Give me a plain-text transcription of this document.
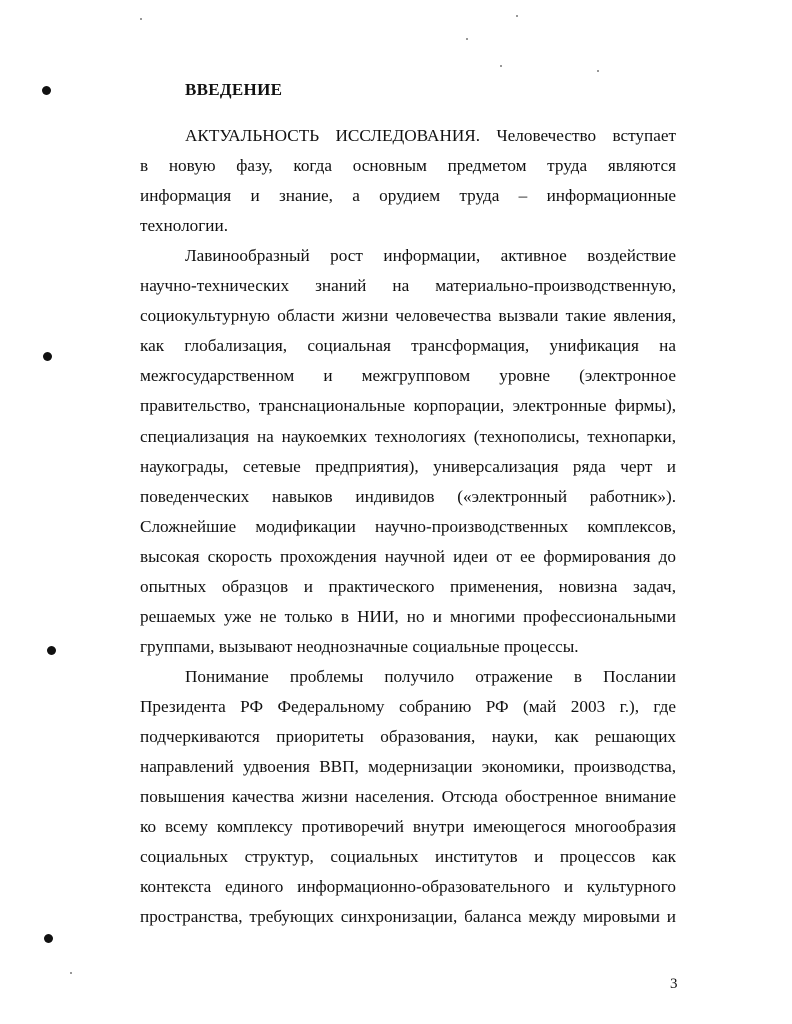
ВВЕДЕНИЕ
АКТУАЛЬНОСТЬ ИССЛЕДОВАНИЯ. Человечество вступает
в новую фазу, когда основным предметом труда являются
информация и знание, а орудием труда – информационные
технологии.
Лавинообразный рост информации, активное воздействие
научно-технических знаний на материально-производственную,
социокультурную области жизни человечества вызвали такие явления,
как глобализация, социальная трансформация, унификация на
межгосударственном и межгрупповом уровне (электронное
правительство, транснациональные корпорации, электронные фирмы),
специализация на наукоемких технологиях (технополисы, технопарки,
наукограды, сетевые предприятия), универсализация ряда черт и
поведенческих навыков индивидов («электронный работник»).
Сложнейшие модификации научно-производственных комплексов,
высокая скорость прохождения научной идеи от ее формирования до
опытных образцов и практического применения, новизна задач,
решаемых уже не только в НИИ, но и многими профессиональными
группами, вызывают неоднозначные социальные процессы.
Понимание проблемы получило отражение в Послании
Президента РФ Федеральному собранию РФ (май 2003 г.), где
подчеркиваются приоритеты образования, науки, как решающих
направлений удвоения ВВП, модернизации экономики, производства,
повышения качества жизни населения. Отсюда обостренное внимание
ко всему комплексу противоречий внутри имеющегося многообразия
социальных структур, социальных институтов и процессов как
контекста единого информационно-образовательного и культурного
пространства, требующих синхронизации, баланса между мировыми и
3
